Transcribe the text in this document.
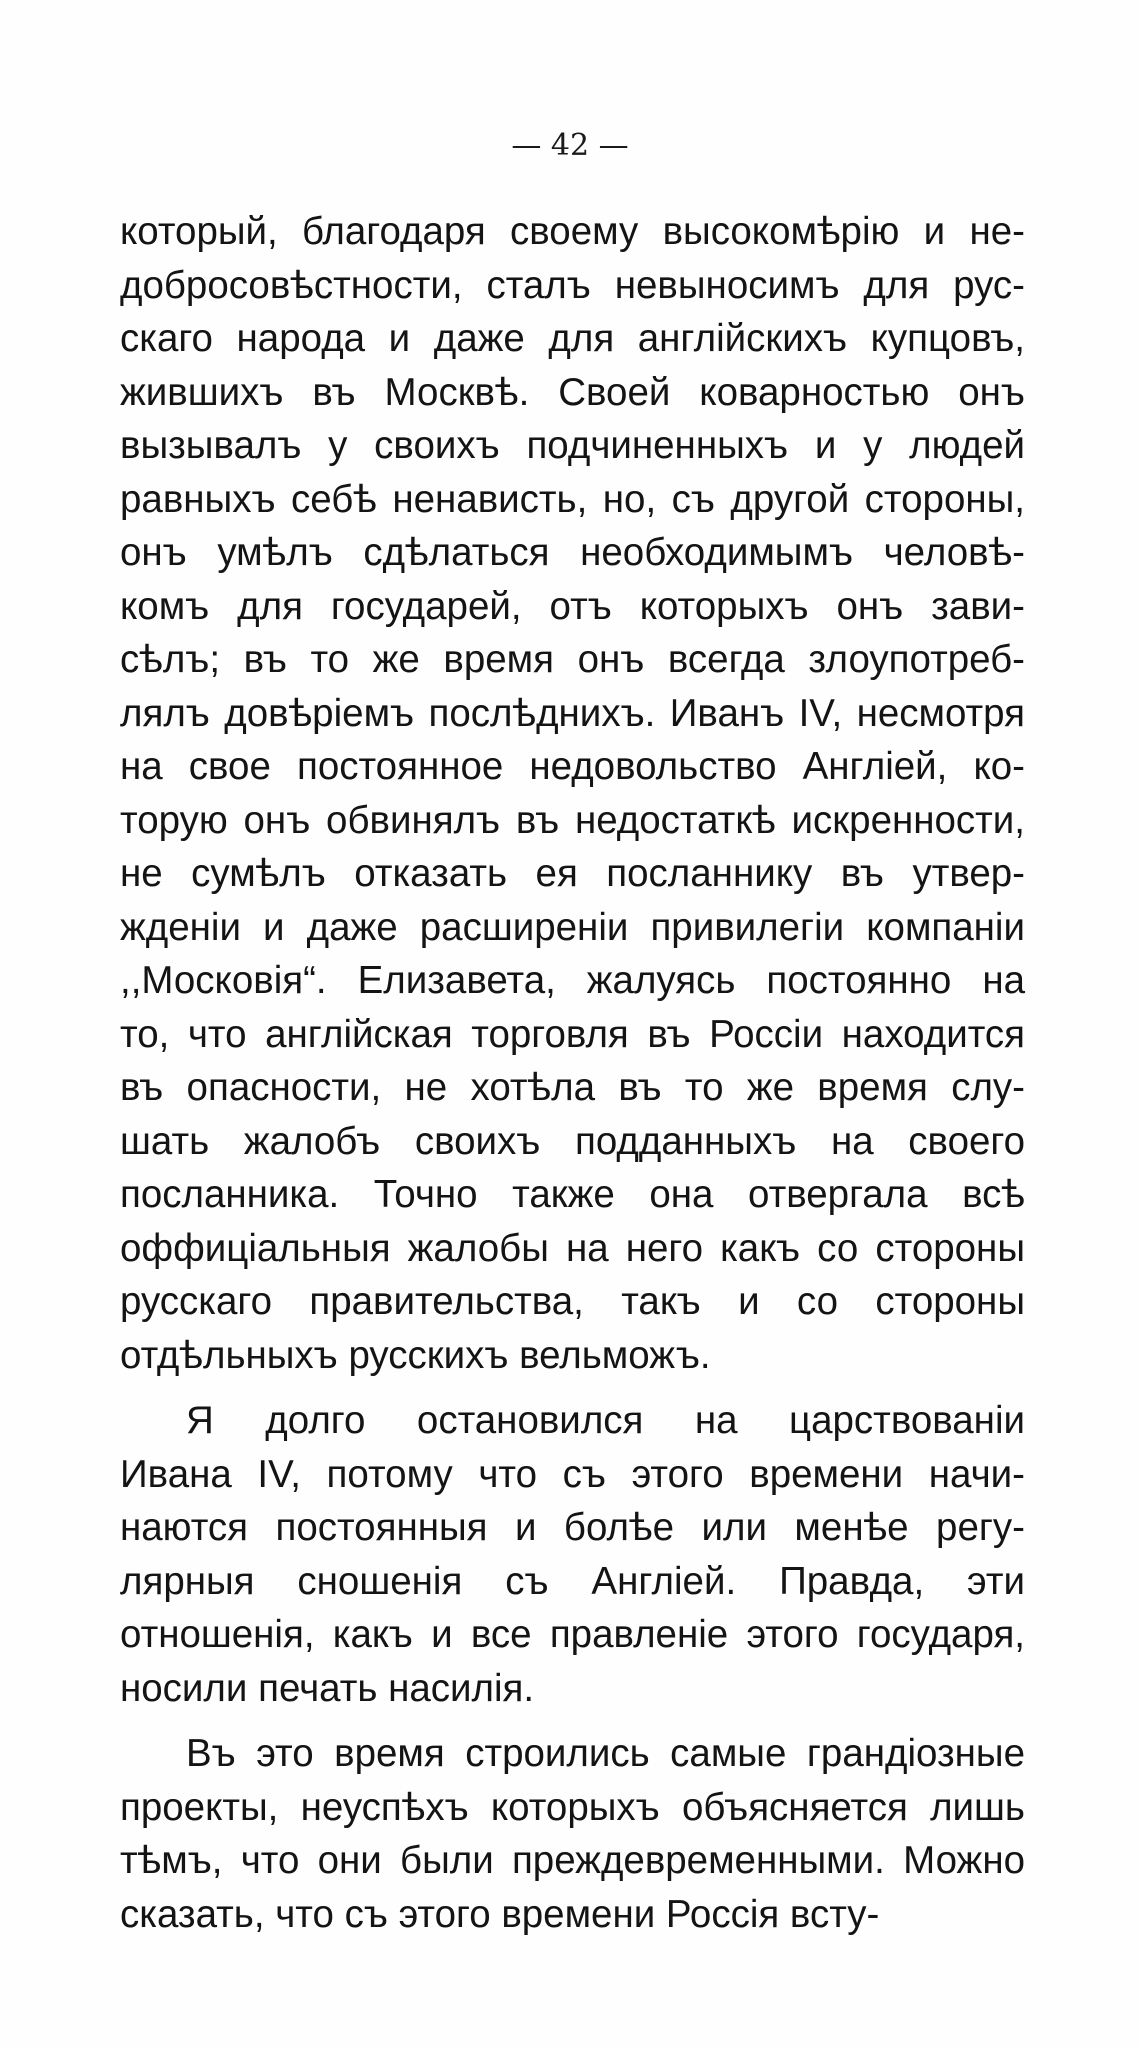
— 42 —
который, благодаря своему высокомѣрію и не-
добросовѣстности, сталъ невыносимъ для рус-
скаго народа и даже для англійскихъ купцовъ,
жившихъ въ Москвѣ. Своей коварностью онъ
вызывалъ у своихъ подчиненныхъ и у людей
равныхъ себѣ ненависть, но, съ другой стороны,
онъ умѣлъ сдѣлаться необходимымъ человѣ-
комъ для государей, отъ которыхъ онъ зави-
сѣлъ; въ то же время онъ всегда злоупотреб-
лялъ довѣріемъ послѣднихъ. Иванъ IV, несмотря
на свое постоянное недовольство Англіей, ко-
торую онъ обвинялъ въ недостаткѣ искренности,
не сумѣлъ отказать ея посланнику въ утвер-
жденіи и даже расширеніи привилегіи компаніи
,,Московія“. Елизавета, жалуясь постоянно на
то, что англійская торговля въ Россіи находится
въ опасности, не хотѣла въ то же время слу-
шать жалобъ своихъ подданныхъ на своего
посланника. Точно также она отвергала всѣ
оффиціальныя жалобы на него какъ со стороны
русскаго правительства, такъ и со стороны
отдѣльныхъ русскихъ вельможъ.
Я долго остановился на царствованіи
Ивана IV, потому что съ этого времени начи-
наются постоянныя и болѣе или менѣе регу-
лярныя сношенія съ Англіей. Правда, эти
отношенія, какъ и все правленіе этого государя,
носили печать насилія.
Въ это время строились самые грандіозные
проекты, неуспѣхъ которыхъ объясняется лишь
тѣмъ, что они были преждевременными. Можно
сказать, что съ этого времени Россія всту-
